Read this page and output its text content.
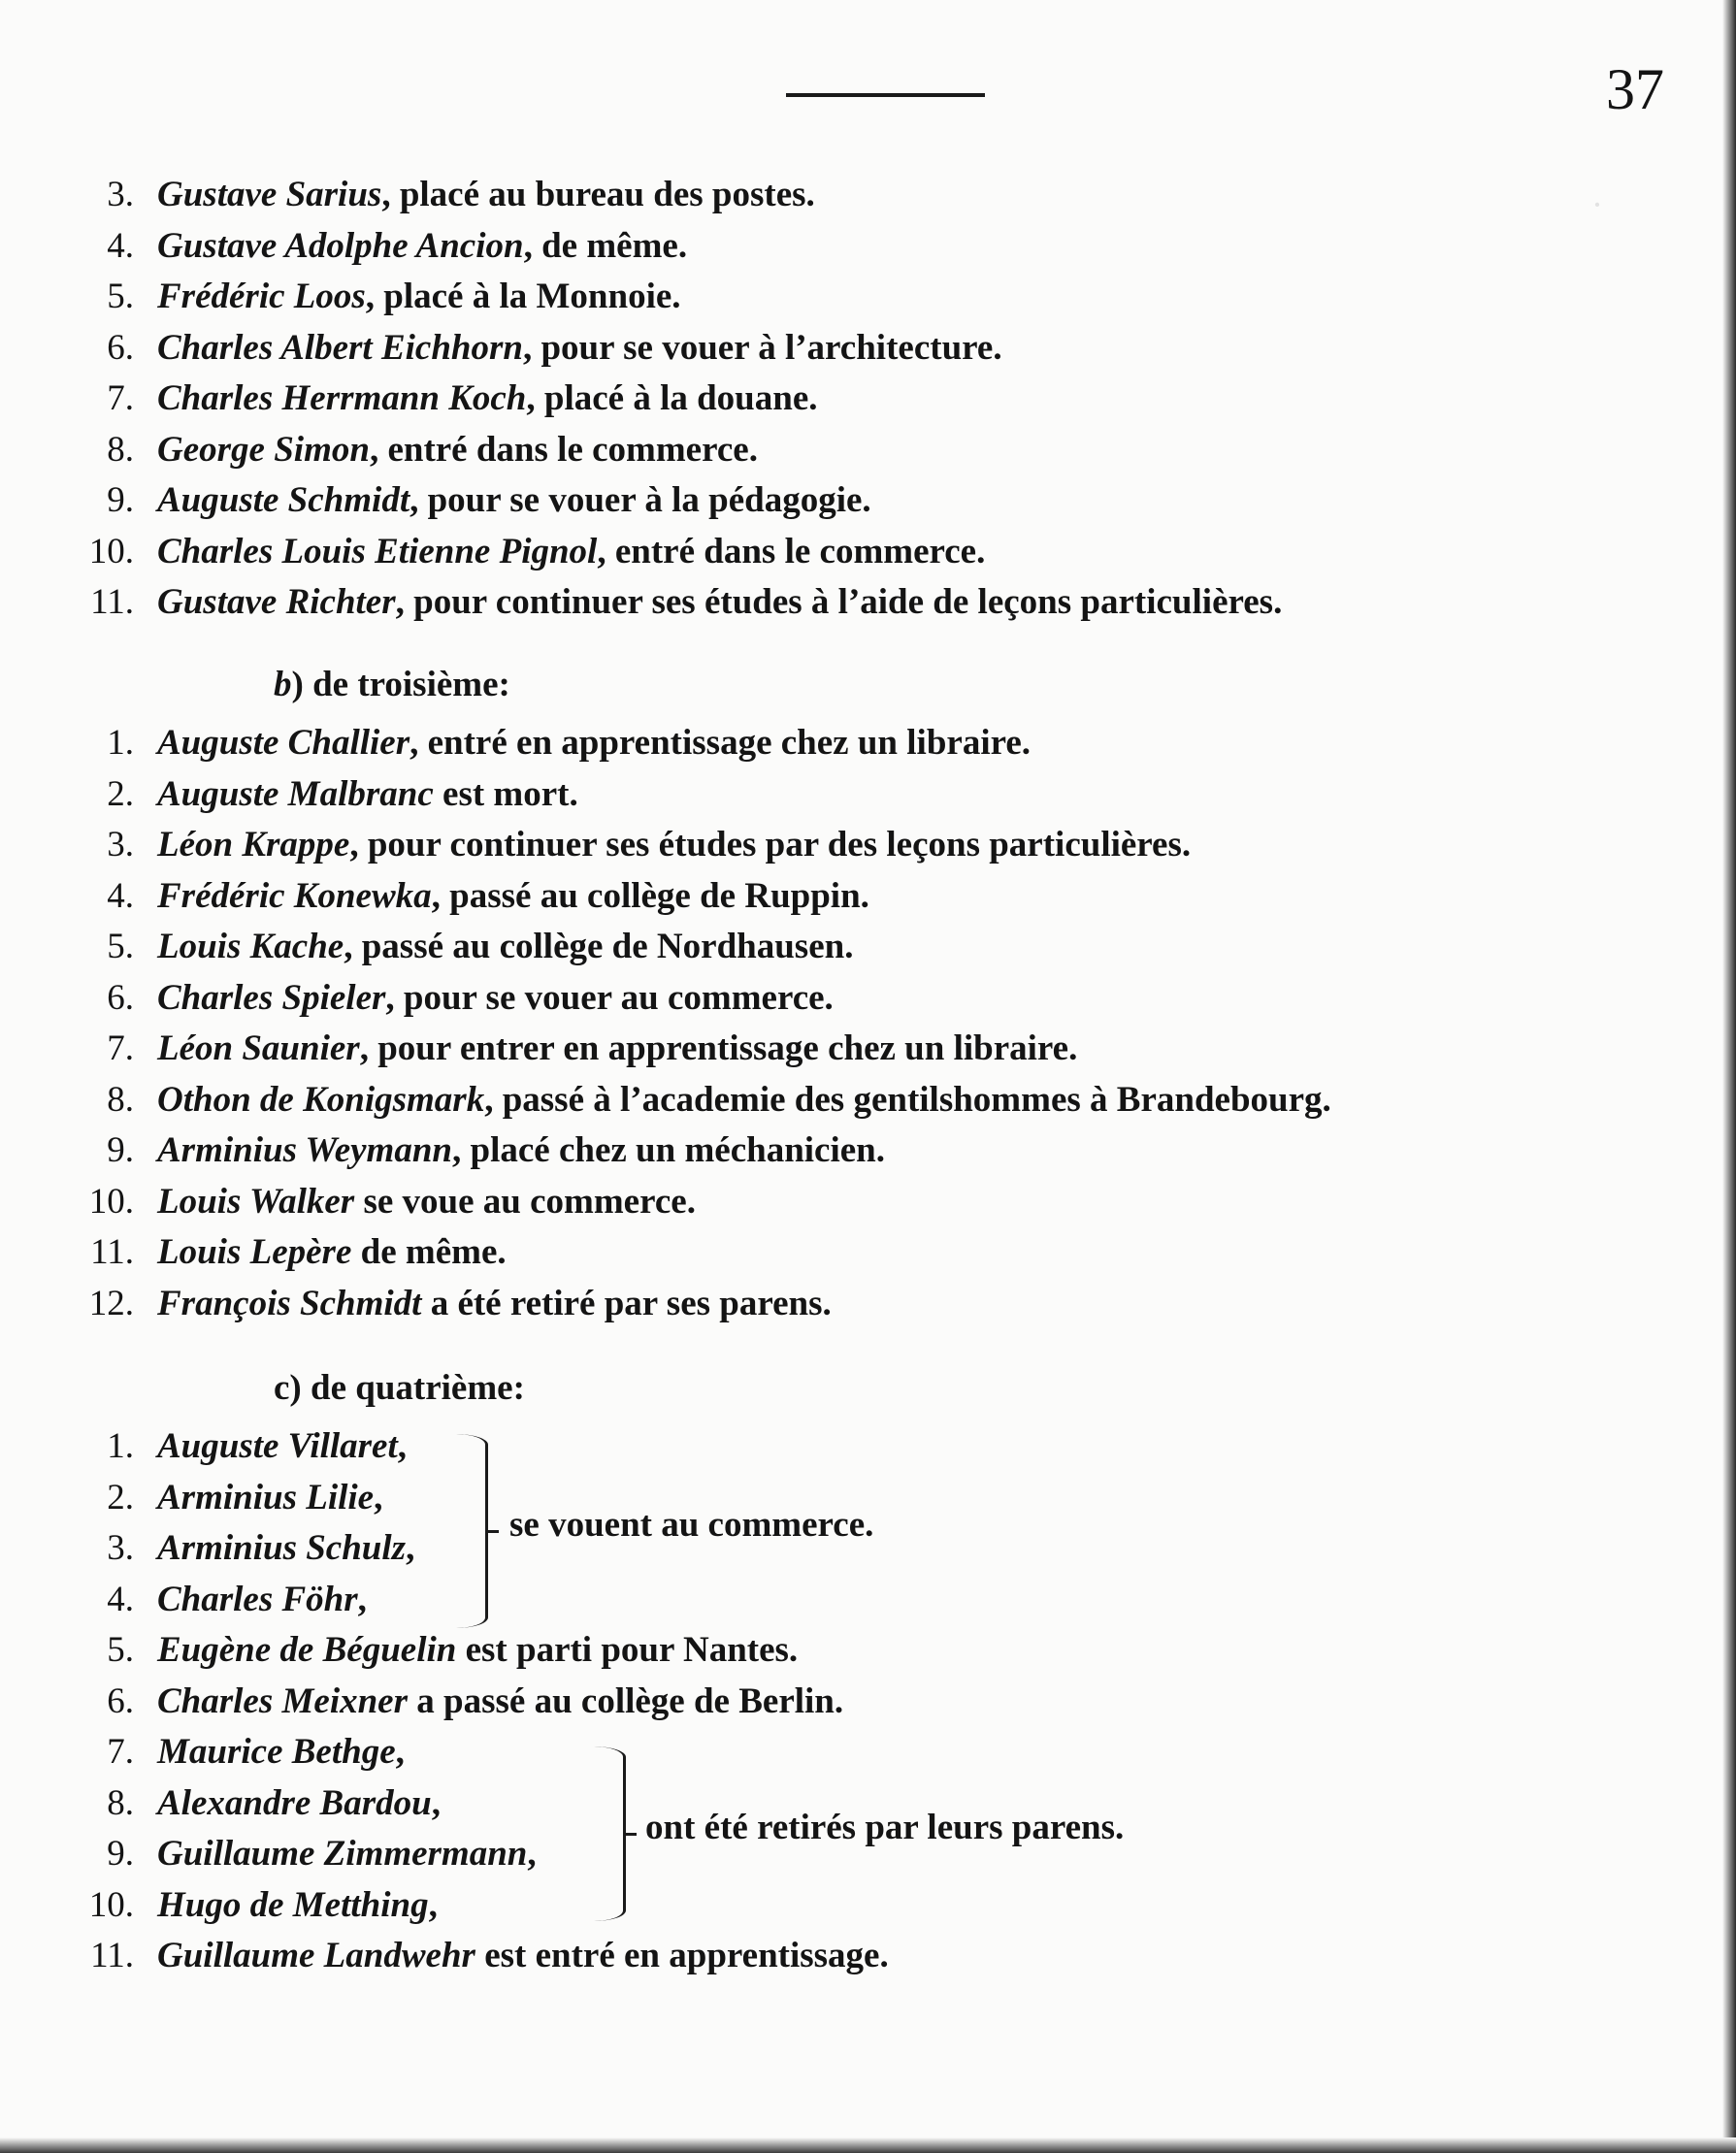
37
·
3. Gustave Sarius, placé au bureau des postes.
4. Gustave Adolphe Ancion, de même.
5. Frédéric Loos, placé à la Monnoie.
6. Charles Albert Eichhorn, pour se vouer à l’architecture.
7. Charles Herrmann Koch, placé à la douane.
8. George Simon, entré dans le commerce.
9. Auguste Schmidt, pour se vouer à la pédagogie.
10. Charles Louis Etienne Pignol, entré dans le commerce.
11. Gustave Richter, pour continuer ses études à l’aide de leçons particulières.
b) de troisième:
1. Auguste Challier, entré en apprentissage chez un libraire.
2. Auguste Malbranc est mort.
3. Léon Krappe, pour continuer ses études par des leçons particulières.
4. Frédéric Konewka, passé au collège de Ruppin.
5. Louis Kache, passé au collège de Nordhausen.
6. Charles Spieler, pour se vouer au commerce.
7. Léon Saunier, pour entrer en apprentissage chez un libraire.
8. Othon de Konigsmark, passé à l’academie des gentilshommes à Brandebourg.
9. Arminius Weymann, placé chez un méchanicien.
10. Louis Walker se voue au commerce.
11. Louis Lepère de même.
12. François Schmidt a été retiré par ses parens.
c) de quatrième:
1. Auguste Villaret,
2. Arminius Lilie,
3. Arminius Schulz,
4. Charles Föhr,
5. Eugène de Béguelin est parti pour Nantes.
6. Charles Meixner a passé au collège de Berlin.
7. Maurice Bethge,
8. Alexandre Bardou,
9. Guillaume Zimmermann,
10. Hugo de Metthing,
11. Guillaume Landwehr est entré en apprentissage.
se vouent au commerce.
ont été retirés par leurs parens.
